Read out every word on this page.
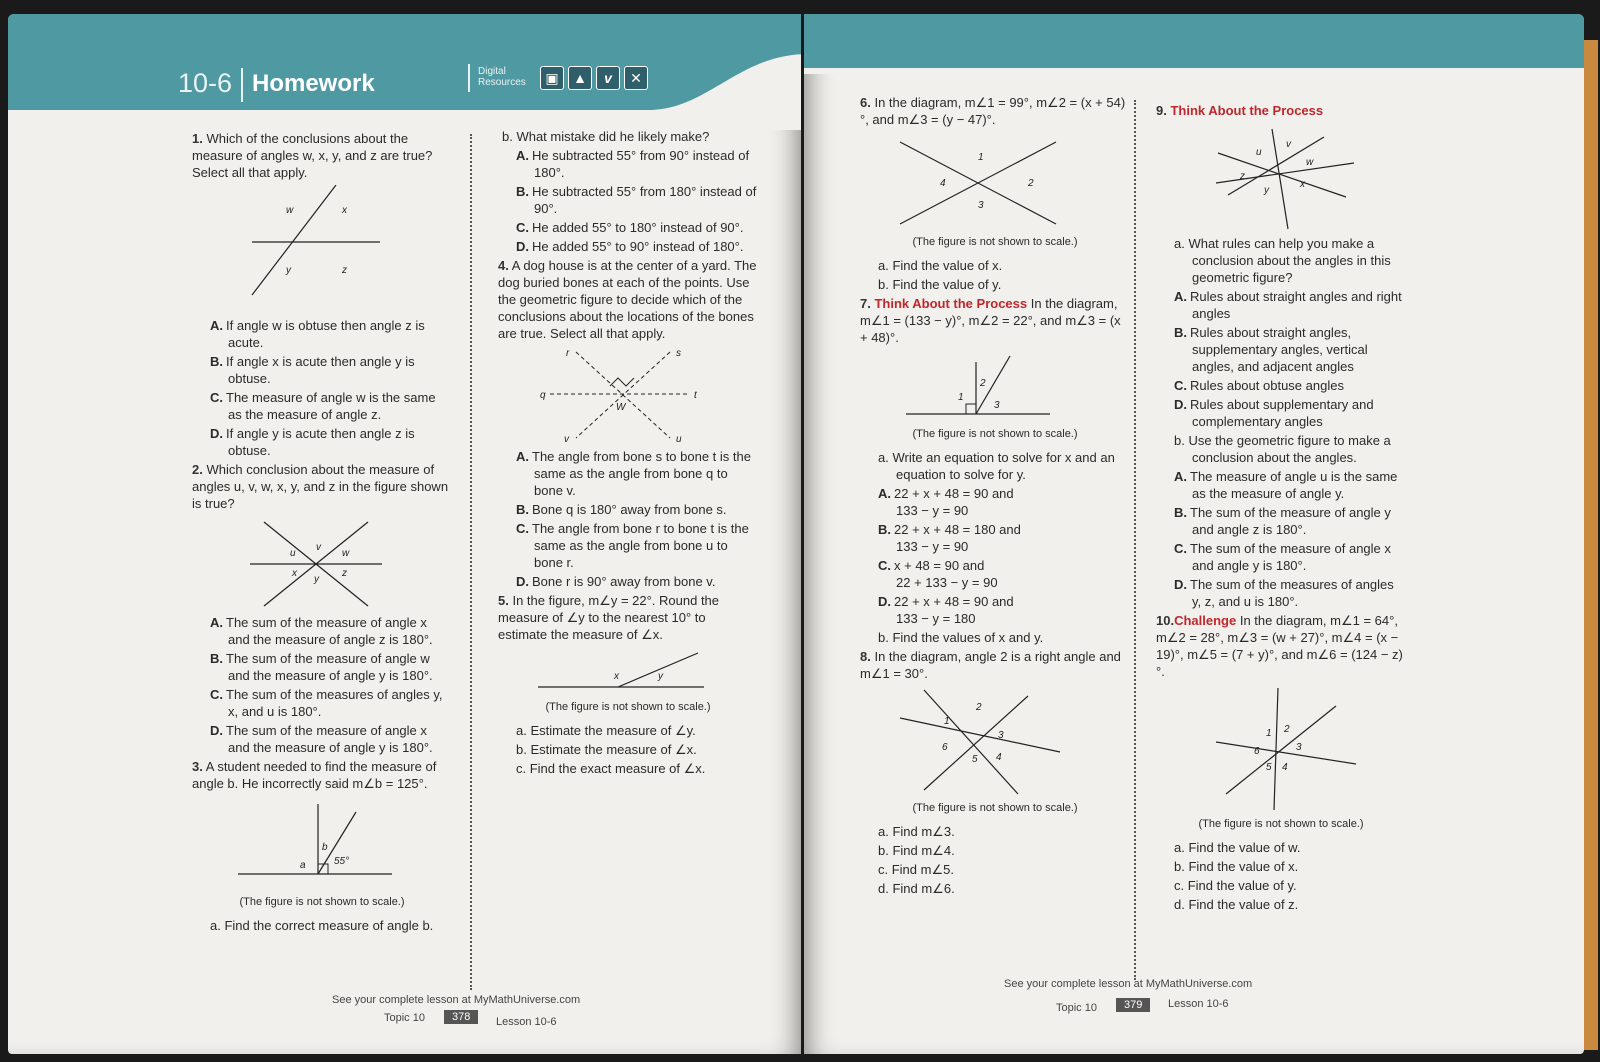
10-6 Homework	Digital Resources	▣	▲	v	✕
1. Which of the conclusions about the measure of angles w, x, y, and z are true? Select all that apply.
w	x
y	z
A. If angle w is obtuse then angle z is acute.
B. If angle x is acute then angle y is obtuse.
C. The measure of angle w is the same as the measure of angle z.
D. If angle y is acute then angle z is obtuse.
2. Which conclusion about the measure of angles u, v, w, x, y, and z in the figure shown is true?
u
v
w
x
y
z
A. The sum of the measure of angle x and the measure of angle z is 180°.
B. The sum of the measure of angle w and the measure of angle y is 180°.
C. The sum of the measures of angles y, x, and u is 180°.
D. The sum of the measure of angle x and the measure of angle y is 180°.
3. A student needed to find the measure of angle b. He incorrectly said m∠b = 125°.
a
b
55°
(The figure is not shown to scale.)
a. Find the correct measure of angle b.
b. What mistake did he likely make?
A. He subtracted 55° from 90° instead of 180°.
B. He subtracted 55° from 180° instead of 90°.
C. He added 55° to 180° instead of 90°.
D. He added 55° to 90° instead of 180°.
4. A dog house is at the center of a yard. The dog buried bones at each of the points. Use the geometric figure to decide which of the conclusions about the locations of the bones are true. Select all that apply.
r	s
q	t
v	u
W
A. The angle from bone s to bone t is the same as the angle from bone q to bone v.
B. Bone q is 180° away from bone s.
C. The angle from bone r to bone t is the same as the angle from bone u to bone r.
D. Bone r is 90° away from bone v.
5. In the figure, m∠y = 22°. Round the measure of ∠y to the nearest 10° to estimate the measure of ∠x.
x	y
(The figure is not shown to scale.)
a. Estimate the measure of ∠y.
b. Estimate the measure of ∠x.
c. Find the exact measure of ∠x.
See your complete lesson at MyMathUniverse.com
Topic 10	378	Lesson 10-6
6. In the diagram, m∠1 = 99°, m∠2 = (x + 54)°, and m∠3 = (y − 47)°.
1
2
3
4
(The figure is not shown to scale.)
a. Find the value of x.
b. Find the value of y.
7. Think About the Process In the diagram, m∠1 = (133 − y)°, m∠2 = 22°, and m∠3 = (x + 48)°.
1
2
3
(The figure is not shown to scale.)
a. Write an equation to solve for x and an equation to solve for y.
A. 22 + x + 48 = 90 and
133 − y = 90
B. 22 + x + 48 = 180 and
133 − y = 90
C. x + 48 = 90 and
22 + 133 − y = 90
D. 22 + x + 48 = 90 and
133 − y = 180
b. Find the values of x and y.
8. In the diagram, angle 2 is a right angle and m∠1 = 30°.
1
2
3
4
5
6
(The figure is not shown to scale.)
a. Find m∠3.
b. Find m∠4.
c. Find m∠5.
d. Find m∠6.
9. Think About the Process
u
v
w
z
y
x
a. What rules can help you make a conclusion about the angles in this geometric figure?
A. Rules about straight angles and right angles
B. Rules about straight angles, supplementary angles, vertical angles, and adjacent angles
C. Rules about obtuse angles
D. Rules about supplementary and complementary angles
b. Use the geometric figure to make a conclusion about the angles.
A. The measure of angle u is the same as the measure of angle y.
B. The sum of the measure of angle y and angle z is 180°.
C. The sum of the measure of angle x and angle y is 180°.
D. The sum of the measures of angles y, z, and u is 180°.
10.Challenge In the diagram, m∠1 = 64°, m∠2 = 28°, m∠3 = (w + 27)°, m∠4 = (x − 19)°, m∠5 = (7 + y)°, and m∠6 = (124 − z)°.
1 2
3
4
5
6
(The figure is not shown to scale.)
a. Find the value of w.
b. Find the value of x.
c. Find the value of y.
d. Find the value of z.
See your complete lesson at MyMathUniverse.com
Topic 10	379	Lesson 10-6
